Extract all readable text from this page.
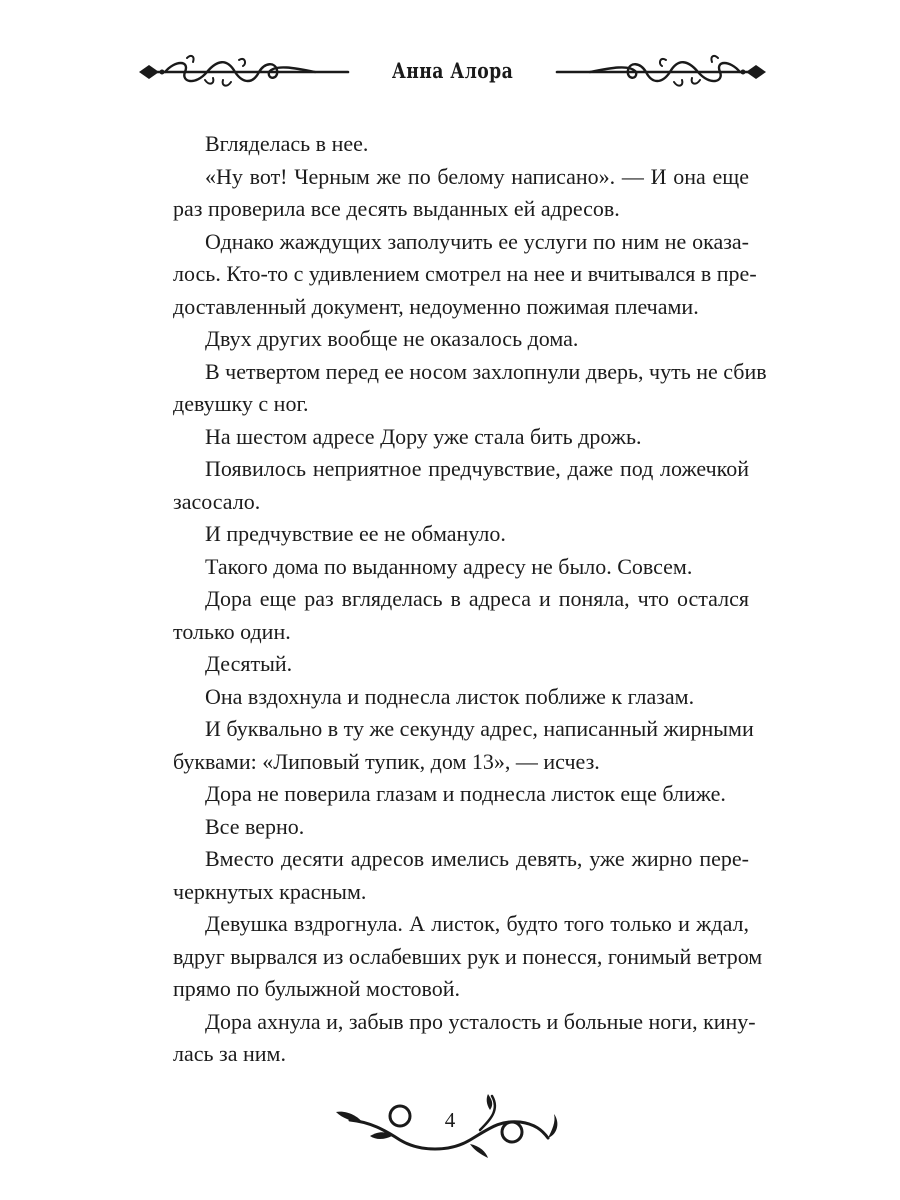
Анна Алора
Вгляделась в нее.
«Ну вот! Черным же по белому написано». — И она еще
раз проверила все десять выданных ей адресов.
Однако жаждущих заполучить ее услуги по ним не оказа-
лось. Кто-то с удивлением смотрел на нее и вчитывался в пре-
доставленный документ, недоуменно пожимая плечами.
Двух других вообще не оказалось дома.
В четвертом перед ее носом захлопнули дверь, чуть не сбив
девушку с ног.
На шестом адресе Дору уже стала бить дрожь.
Появилось неприятное предчувствие, даже под ложечкой
засосало.
И предчувствие ее не обмануло.
Такого дома по выданному адресу не было. Совсем.
Дора еще раз вгляделась в адреса и поняла, что остался
только один.
Десятый.
Она вздохнула и поднесла листок поближе к глазам.
И буквально в ту же секунду адрес, написанный жирными
буквами: «Липовый тупик, дом 13», — исчез.
Дора не поверила глазам и поднесла листок еще ближе.
Все верно.
Вместо десяти адресов имелись девять, уже жирно пере-
черкнутых красным.
Девушка вздрогнула. А листок, будто того только и ждал,
вдруг вырвался из ослабевших рук и понесся, гонимый ветром
прямо по булыжной мостовой.
Дора ахнула и, забыв про усталость и больные ноги, кину-
лась за ним.
4
